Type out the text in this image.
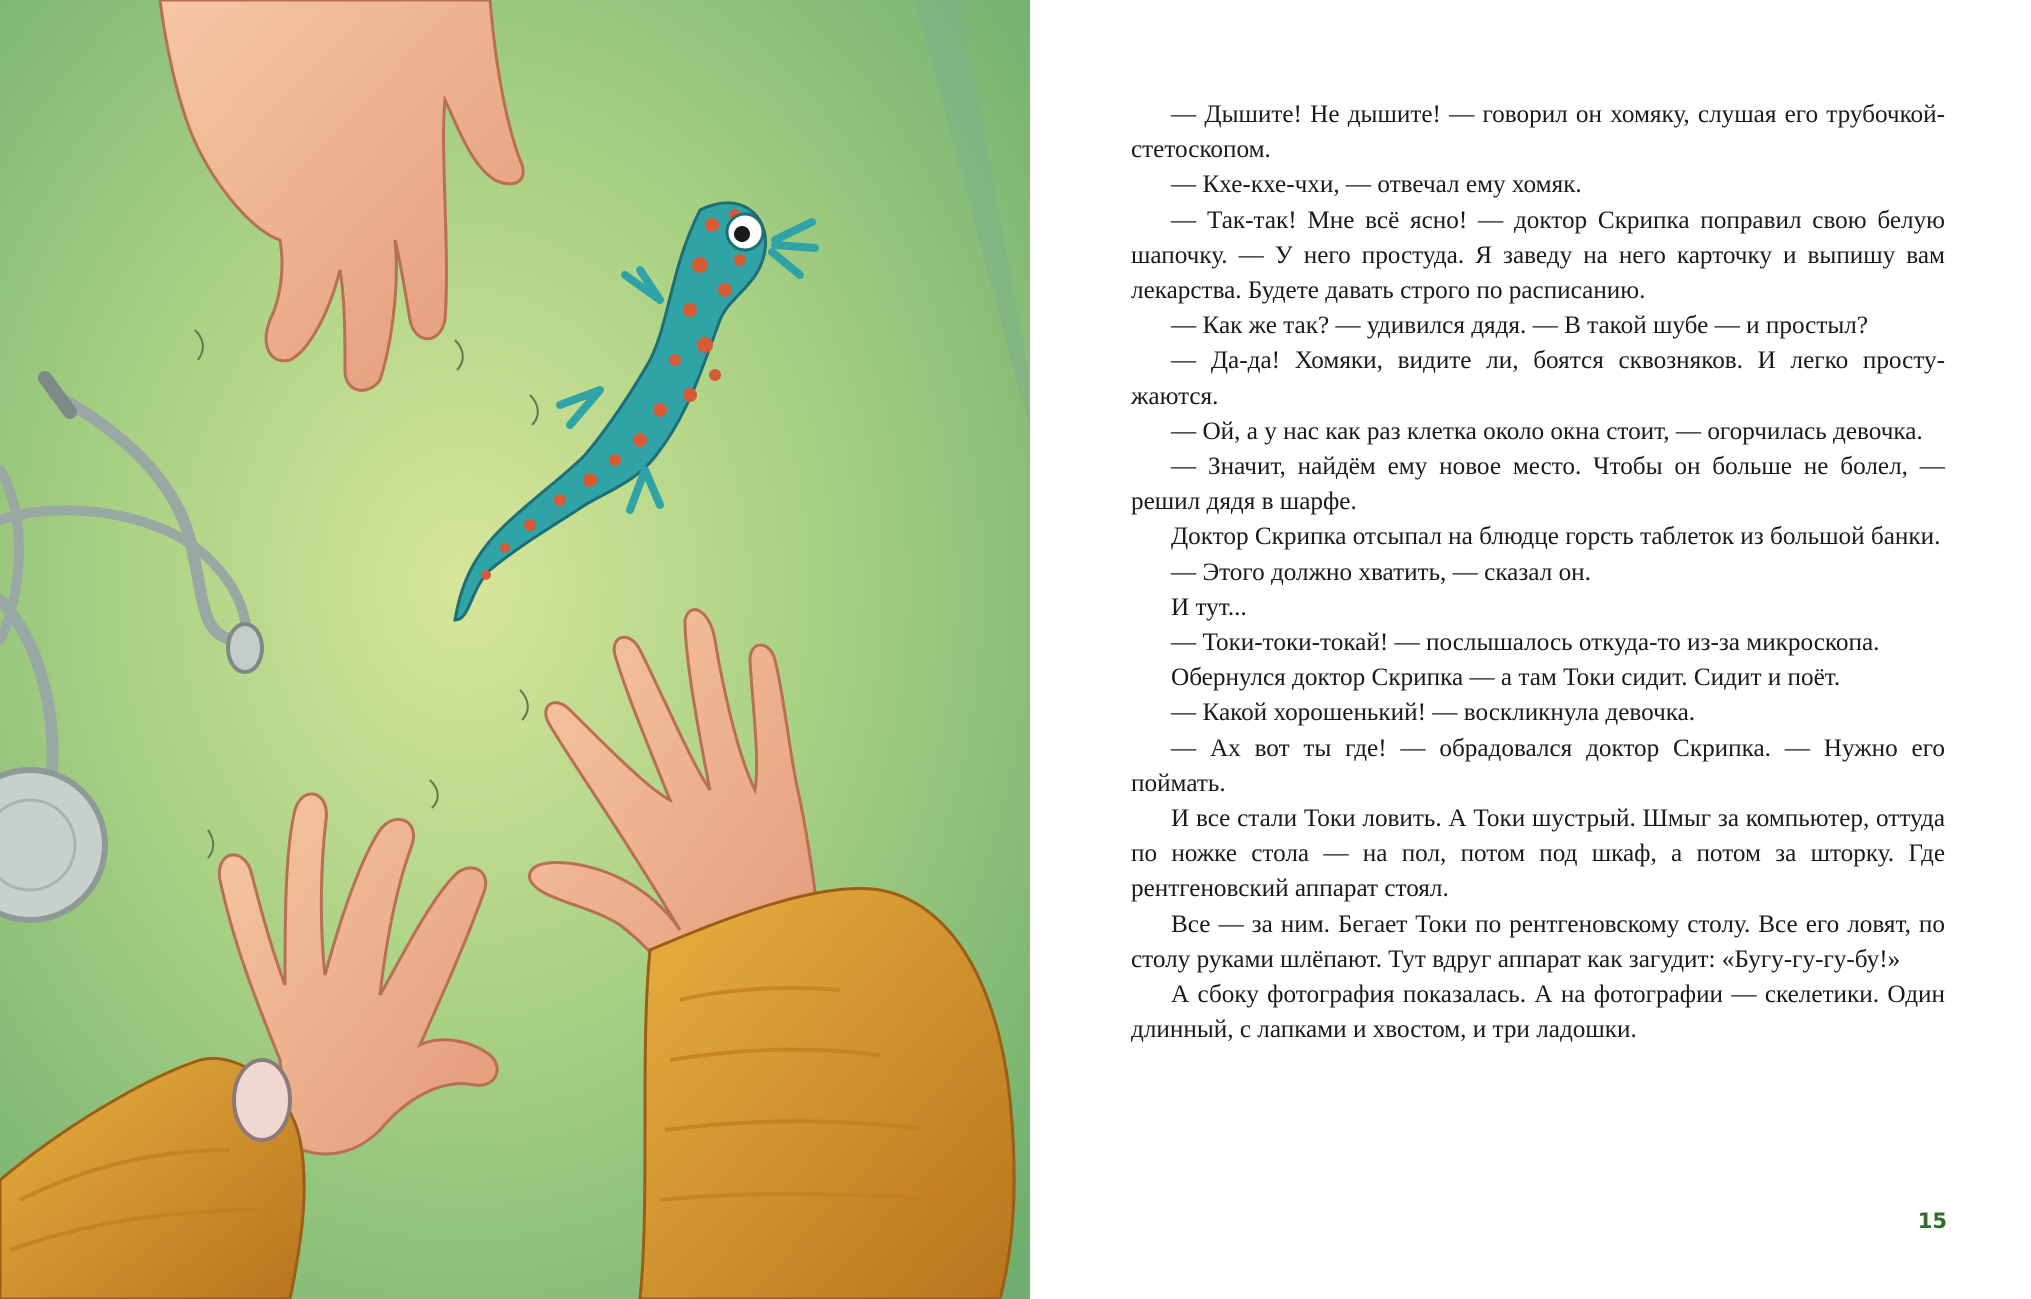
— Дышите! Не дышите! — говорил он хомяку, слушая его трубочкой-стетоскопом.

— Кхе-кхе-чхи, — отвечал ему хомяк.

— Так-так! Мне всё ясно! — доктор Скрипка поправил свою белую шапочку. — У него простуда. Я заведу на него карточку и выпишу вам лекарства. Будете давать строго по расписанию.

— Как же так? — удивился дядя. — В такой шубе — и простыл?

— Да-да! Хомяки, видите ли, боятся сквозняков. И легко простужаются.

— Ой, а у нас как раз клетка около окна стоит, — огорчилась девочка.

— Значит, найдём ему новое место. Чтобы он больше не болел, — решил дядя в шарфе.

Доктор Скрипка отсыпал на блюдце горсть таблеток из большой банки.

— Этого должно хватить, — сказал он.

И тут...

— Токи-токи-токай! — послышалось откуда-то из-за микроскопа.

Обернулся доктор Скрипка — а там Токи сидит. Сидит и поёт.

— Какой хорошенький! — воскликнула девочка.

— Ах вот ты где! — обрадовался доктор Скрипка. — Нужно его поймать.

И все стали Токи ловить. А Токи шустрый. Шмыг за компьютер, оттуда по ножке стола — на пол, потом под шкаф, а потом за шторку. Где рентгеновский аппарат стоял.

Все — за ним. Бегает Токи по рентгеновскому столу. Все его ловят, по столу руками шлёпают. Тут вдруг аппарат как загудит: «Бугу-гу-гу-бу!»

А сбоку фотография показалась. А на фотографии — скелетики. Один длинный, с лапками и хвостом, и три ладошки.

15
